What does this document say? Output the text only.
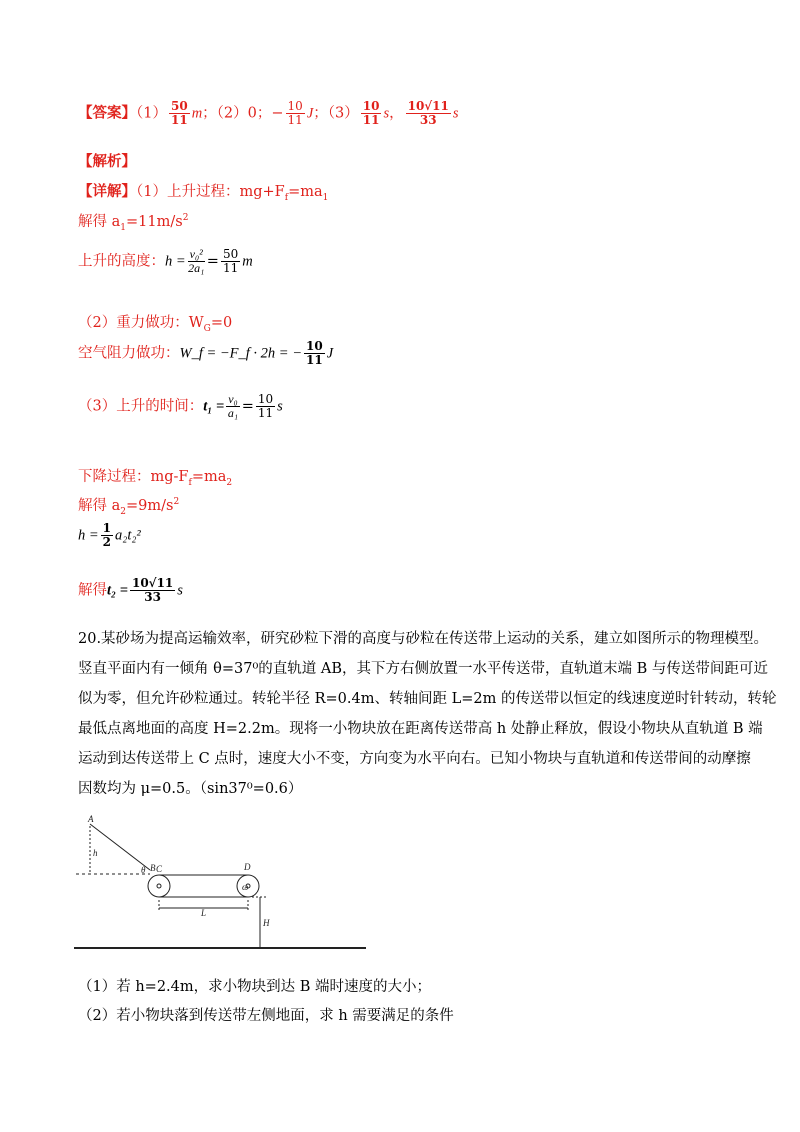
【答案】$(1) \frac{50}{11}$ m；（2）0；− $\frac{10}{11}$ J；$(3) \frac{10}{11}$ s， $\frac{10√11}{33}$ s
【解析】
【详解】（1）上升过程：$mg+F_f=ma_1$
解得 $a_1=11m/s^2$
上升的高度：$h = \frac{\text{v₀²}}{\text{2a₁}} = \frac{50}{11}$ m
（2）重力做功：$W_G=0$
空气阻力做功：W_f = −F_f · 2h = − $\frac{10}{11}$ J
（3）上升的时间：$t_1 = \frac{\text{v₀}}{\text{a₁}} = \frac{10}{11}$ s
下降过程：$mg-F_f=ma_2$
解得 $a_2=9m/s^2$
$h = \frac{1}{2} a_2t_2^2$
解得$t_2 = \frac{10√11}{33}$ s
20.某砂场为提高运输效率，研究砂粒下滑的高度与砂粒在传送带上运动的关系，建立如图所示的物理模型。
竖直平面内有一倾角 θ=37⁰的直轨道 AB，其下方右侧放置一水平传送带，直轨道末端 B 与传送带间距可近
似为零，但允许砂粒通过。转轮半径 R=0.4m、转轴间距 L=2m 的传送带以恒定的线速度逆时针转动，转轮
最低点离地面的高度 H=2.2m。现将一小物块放在距离传送带高 h 处静止释放，假设小物块从直轨道 B 端
运动到达传送带上 C 点时，速度大小不变，方向变为水平向右。已知小物块与直轨道和传送带间的动摩擦
因数均为 μ=0.5。（sin37⁰=0.6）
A
h
θ B C	D
ω
L
H
（1）若 h=2.4m，求小物块到达 B 端时速度的大小；
（2）若小物块落到传送带左侧地面，求 h 需要满足的条件
